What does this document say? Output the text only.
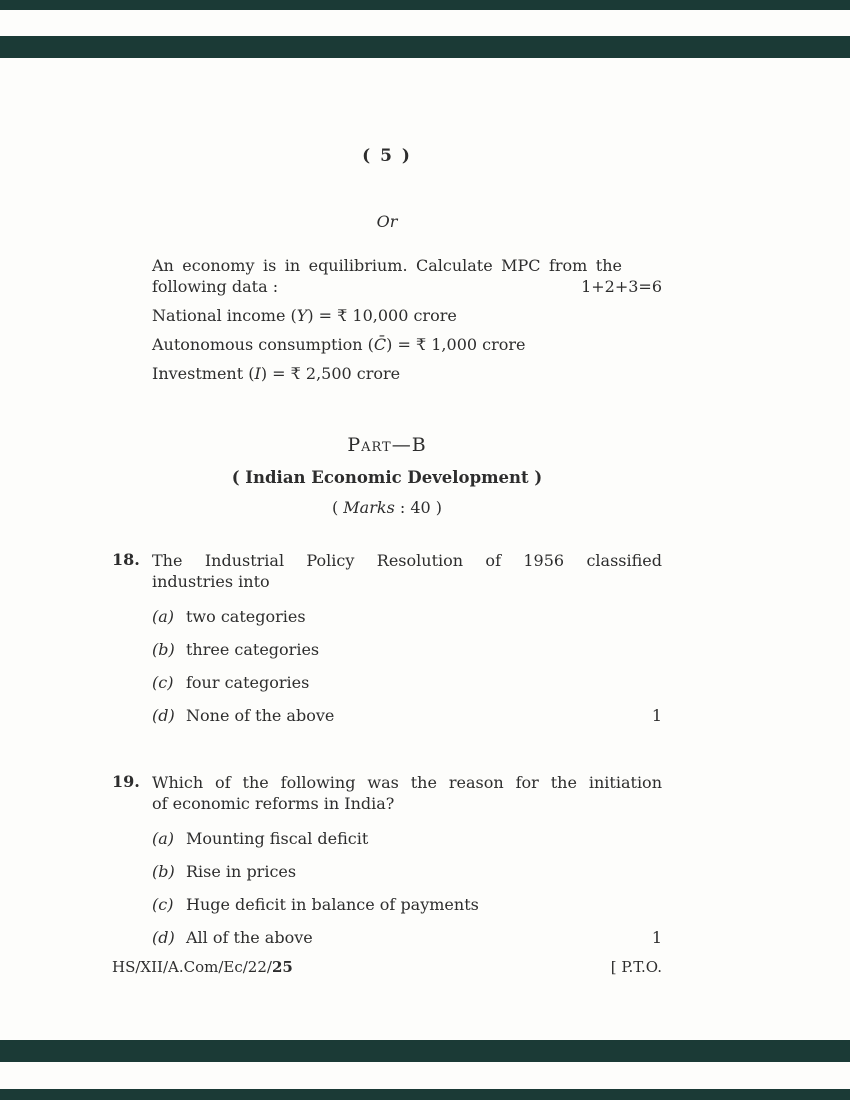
( 5 )
Or
An economy is in equilibrium. Calculate MPC from the
following data :	1+2+3=6
National income (Y) = ₹ 10,000 crore
Autonomous consumption (C̄) = ₹ 1,000 crore
Investment (I) = ₹ 2,500 crore
Part—B
( Indian Economic Development )
( Marks : 40 )
18. The Industrial Policy Resolution of 1956 classified
industries into
(a) two categories
(b) three categories
(c) four categories
(d) None of the above	1
19. Which of the following was the reason for the initiation
of economic reforms in India?
(a) Mounting fiscal deficit
(b) Rise in prices
(c) Huge deficit in balance of payments
(d) All of the above	1
HS/XII/A.Com/Ec/22/25	[ P.T.O.
